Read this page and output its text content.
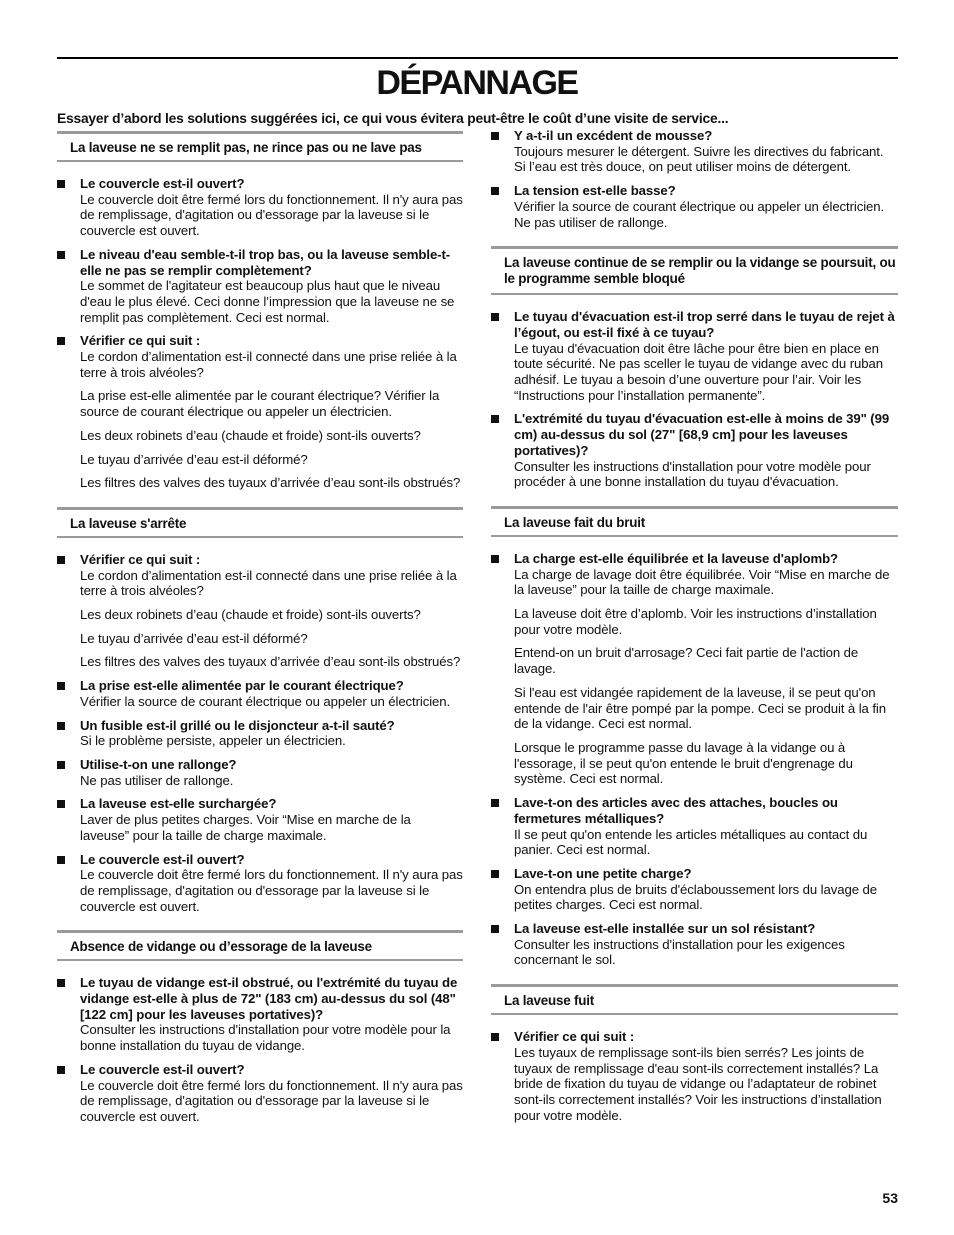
DÉPANNAGE

Essayer d’abord les solutions suggérées ici, ce qui vous évitera peut-être le coût d’une visite de service...

La laveuse ne se remplit pas, ne rince pas ou ne lave pas
Le couvercle est-il ouvert?
Le couvercle doit être fermé lors du fonctionnement. Il n'y aura pas de remplissage, d'agitation ou d'essorage par la laveuse si le couvercle est ouvert.
Le niveau d'eau semble-t-il trop bas, ou la laveuse semble-t-elle ne pas se remplir complètement?
Le sommet de l'agitateur est beaucoup plus haut que le niveau d'eau le plus élevé. Ceci donne l’impression que la laveuse ne se remplit pas complètement. Ceci est normal.
Vérifier ce qui suit :
Le cordon d’alimentation est-il connecté dans une prise reliée à la terre à trois alvéoles?
La prise est-elle alimentée par le courant électrique? Vérifier la source de courant électrique ou appeler un électricien.
Les deux robinets d’eau (chaude et froide) sont-ils ouverts?
Le tuyau d’arrivée d’eau est-il déformé?
Les filtres des valves des tuyaux d’arrivée d’eau sont-ils obstrués?
La laveuse s'arrête
Vérifier ce qui suit :
Le cordon d’alimentation est-il connecté dans une prise reliée à la terre à trois alvéoles?
Les deux robinets d’eau (chaude et froide) sont-ils ouverts?
Le tuyau d’arrivée d’eau est-il déformé?
Les filtres des valves des tuyaux d’arrivée d’eau sont-ils obstrués?
La prise est-elle alimentée par le courant électrique?
Vérifier la source de courant électrique ou appeler un électricien.
Un fusible est-il grillé ou le disjoncteur a-t-il sauté?
Si le problème persiste, appeler un électricien.
Utilise-t-on une rallonge?
Ne pas utiliser de rallonge.
La laveuse est-elle surchargée?
Laver de plus petites charges. Voir “Mise en marche de la laveuse” pour la taille de charge maximale.
Le couvercle est-il ouvert?
Le couvercle doit être fermé lors du fonctionnement. Il n'y aura pas de remplissage, d'agitation ou d'essorage par la laveuse si le couvercle est ouvert.
Absence de vidange ou d’essorage de la laveuse
Le tuyau de vidange est-il obstrué, ou l'extrémité du tuyau de vidange est-elle à plus de 72" (183 cm) au-dessus du sol (48" [122 cm] pour les laveuses portatives)?
Consulter les instructions d'installation pour votre modèle pour la bonne installation du tuyau de vidange.
Le couvercle est-il ouvert?
Le couvercle doit être fermé lors du fonctionnement. Il n'y aura pas de remplissage, d'agitation ou d'essorage par la laveuse si le couvercle est ouvert.
Y a-t-il un excédent de mousse?
Toujours mesurer le détergent. Suivre les directives du fabricant. Si l’eau est très douce, on peut utiliser moins de détergent.
La tension est-elle basse?
Vérifier la source de courant électrique ou appeler un électricien. Ne pas utiliser de rallonge.
La laveuse continue de se remplir ou la vidange se poursuit, ou le programme semble bloqué
Le tuyau d'évacuation est-il trop serré dans le tuyau de rejet à l’égout, ou est-il fixé à ce tuyau?
Le tuyau d'évacuation doit être lâche pour être bien en place en toute sécurité. Ne pas sceller le tuyau de vidange avec du ruban adhésif. Le tuyau a besoin d’une ouverture pour l’air. Voir les “Instructions pour l’installation permanente”.
L'extrémité du tuyau d'évacuation est-elle à moins de 39" (99 cm) au-dessus du sol (27" [68,9 cm] pour les laveuses portatives)?
Consulter les instructions d'installation pour votre modèle pour procéder à une bonne installation du tuyau d'évacuation.
La laveuse fait du bruit
La charge est-elle équilibrée et la laveuse d'aplomb?
La charge de lavage doit être équilibrée. Voir “Mise en marche de la laveuse” pour la taille de charge maximale.
La laveuse doit être d’aplomb. Voir les instructions d’installation pour votre modèle.
Entend-on un bruit d'arrosage? Ceci fait partie de l'action de lavage.
Si l'eau est vidangée rapidement de la laveuse, il se peut qu'on entende de l'air être pompé par la pompe. Ceci se produit à la fin de la vidange. Ceci est normal.
Lorsque le programme passe du lavage à la vidange ou à l'essorage, il se peut qu'on entende le bruit d'engrenage du système. Ceci est normal.
Lave-t-on des articles avec des attaches, boucles ou fermetures métalliques?
Il se peut qu'on entende les articles métalliques au contact du panier. Ceci est normal.
Lave-t-on une petite charge?
On entendra plus de bruits d'éclaboussement lors du lavage de petites charges. Ceci est normal.
La laveuse est-elle installée sur un sol résistant?
Consulter les instructions d'installation pour les exigences concernant le sol.
La laveuse fuit
Vérifier ce qui suit :
Les tuyaux de remplissage sont-ils bien serrés? Les joints de tuyaux de remplissage d'eau sont-ils correctement installés? La bride de fixation du tuyau de vidange ou l’adaptateur de robinet sont-ils correctement installés? Voir les instructions d’installation pour votre modèle.

53
